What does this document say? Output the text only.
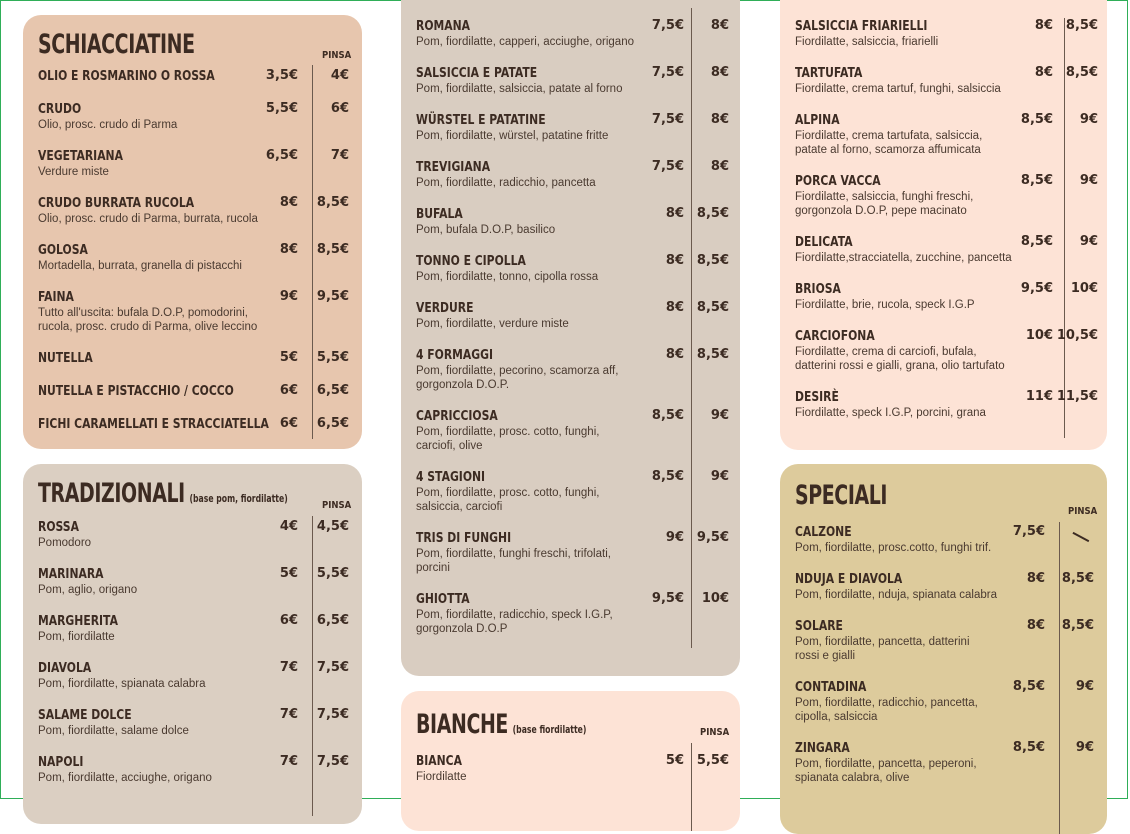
SCHIACCIATINE	PINSA
OLIO E ROSMARINO O ROSSA	3,5€	4€
CRUDO
Olio, prosc. crudo di Parma
5,5€	6€
VEGETARIANA
Verdure miste
6,5€	7€
CRUDO BURRATA RUCOLA
Olio, prosc. crudo di Parma, burrata, rucola
8€ 8,5€
GOLOSA
Mortadella, burrata, granella di pistacchi
8€ 8,5€
FAINA
Tutto all'uscita: bufala D.O.P, pomodorini,
rucola, prosc. crudo di Parma, olive leccino
9€ 9,5€
NUTELLA	5€ 5,5€
NUTELLA E PISTACCHIO / COCCO	6€ 6,5€
FICHI CARAMELLATI E STRACCIATELLA 6€ 6,5€
TRADIZIONALI (base pom, fiordilatte)
PINSA
ROSSA
Pomodoro
4€ 4,5€
MARINARA
Pom, aglio, origano
5€ 5,5€
MARGHERITA
Pom, fiordilatte
6€ 6,5€
DIAVOLA
Pom, fiordilatte, spianata calabra
7€ 7,5€
SALAME DOLCE
Pom, fiordilatte, salame dolce
7€ 7,5€
NAPOLI
Pom, fiordilatte, acciughe, origano
7€ 7,5€
ROMANA
Pom, fiordilatte, capperi, acciughe, origano
7,5€ 8€
SALSICCIA E PATATE
Pom, fiordilatte, salsiccia, patate al forno
7,5€ 8€
WÜRSTEL E PATATINE
Pom, fiordilatte, würstel, patatine fritte
7,5€ 8€
TREVIGIANA
Pom, fiordilatte, radicchio, pancetta
7,5€ 8€
BUFALA
Pom, bufala D.O.P, basilico
8€ 8,5€
TONNO E CIPOLLA
Pom, fiordilatte, tonno, cipolla rossa
8€ 8,5€
VERDURE
Pom, fiordilatte, verdure miste
8€ 8,5€
4 FORMAGGI
Pom, fiordilatte, pecorino, scamorza aff,
gorgonzola D.O.P.
8€ 8,5€
CAPRICCIOSA
Pom, fiordilatte, prosc. cotto, funghi,
carciofi, olive
8,5€ 9€
4 STAGIONI
Pom, fiordilatte, prosc. cotto, funghi,
salsiccia, carciofi
8,5€ 9€
TRIS DI FUNGHI
Pom, fiordilatte, funghi freschi, trifolati,
porcini
9€ 9,5€
GHIOTTA
Pom, fiordilatte, radicchio, speck I.G.P,
gorgonzola D.O.P
9,5€ 10€
BIANCHE (base fiordilatte)	PINSA
BIANCA
Fiordilatte
5€ 5,5€
SALSICCIA FRIARIELLI
Fiordilatte, salsiccia, friarielli
8€ 8,5€
TARTUFATA
Fiordilatte, crema tartuf, funghi, salsiccia
8€ 8,5€
ALPINA
Fiordilatte, crema tartufata, salsiccia,
patate al forno, scamorza affumicata
8,5€ 9€
PORCA VACCA
Fiordilatte, salsiccia, funghi freschi,
gorgonzola D.O.P, pepe macinato
8,5€ 9€
DELICATA
Fiordilatte,stracciatella, zucchine, pancetta
8,5€ 9€
BRIOSA
Fiordilatte, brie, rucola, speck I.G.P
9,5€ 10€
CARCIOFONA
Fiordilatte, crema di carciofi, bufala,
datterini rossi e gialli, grana, olio tartufato
10€ 10,5€
DESIRÈ
Fiordilatte, speck I.G.P, porcini, grana
11€ 11,5€
SPECIALI
PINSA
CALZONE
Pom, fiordilatte, prosc.cotto, funghi trif.
7,5€
NDUJA E DIAVOLA
Pom, fiordilatte, nduja, spianata calabra
8€ 8,5€
SOLARE
Pom, fiordilatte, pancetta, datterini
rossi e gialli
8€ 8,5€
CONTADINA
Pom, fiordilatte, radicchio, pancetta,
cipolla, salsiccia
8,5€ 9€
ZINGARA
Pom, fiordilatte, pancetta, peperoni,
spianata calabra, olive
8,5€ 9€
